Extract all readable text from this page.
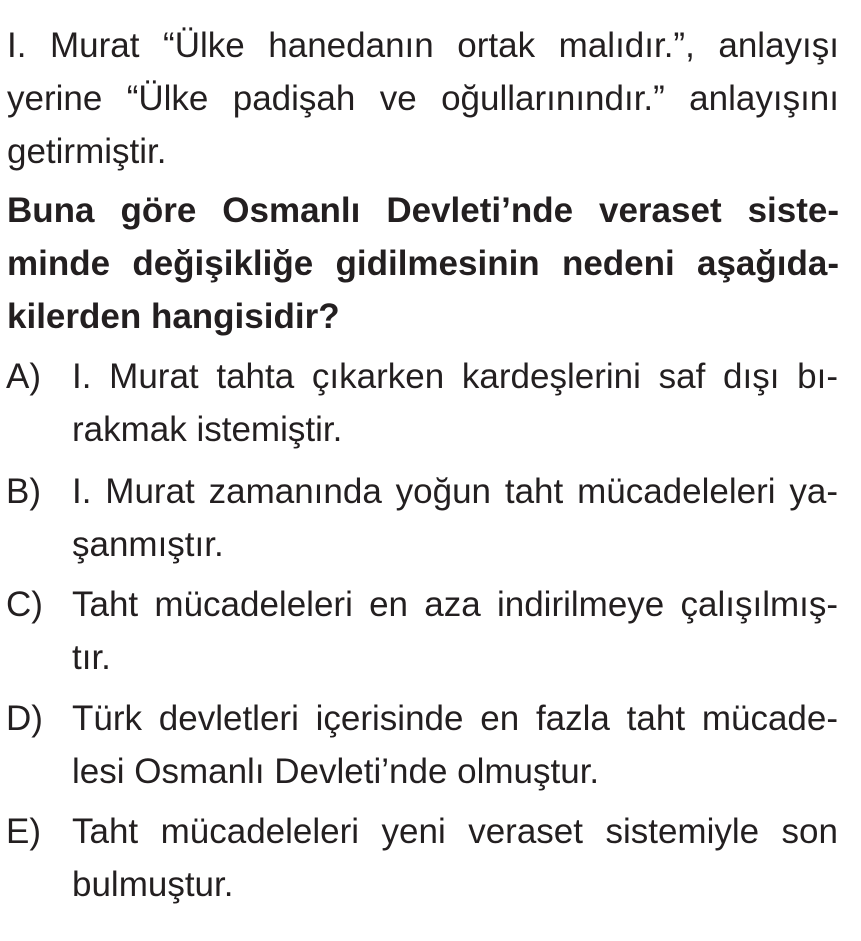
I. Murat “Ülke hanedanın ortak malıdır.”, anlayışı
yerine “Ülke padişah ve oğullarınındır.” anlayışını
getirmiştir.
Buna göre Osmanlı Devleti’nde veraset siste-
minde değişikliğe gidilmesinin nedeni aşağıda-
kilerden hangisidir?
A) I. Murat tahta çıkarken kardeşlerini saf dışı bı-
rakmak istemiştir.
B) I. Murat zamanında yoğun taht mücadeleleri ya-
şanmıştır.
C) Taht mücadeleleri en aza indirilmeye çalışılmış-
tır.
D) Türk devletleri içerisinde en fazla taht mücade-
lesi Osmanlı Devleti’nde olmuştur.
E) Taht mücadeleleri yeni veraset sistemiyle son
bulmuştur.
